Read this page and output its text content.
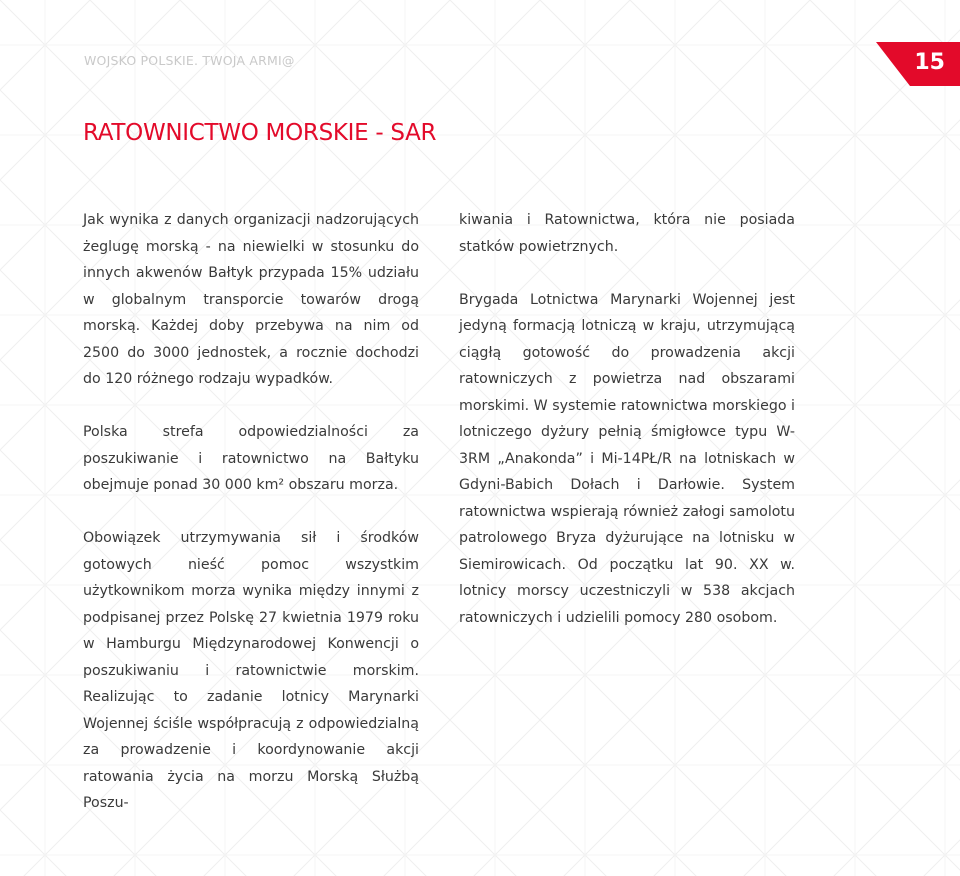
WOJSKO POLSKIE. TWOJA ARMI@	15
RATOWNICTWO MORSKIE - SAR

Jak wynika z danych organizacji nadzorujących żeglugę morską - na niewielki w stosunku do innych akwenów Bałtyk przypada 15% udziału w globalnym transporcie towarów drogą morską. Każdej doby przebywa na nim od 2500 do 3000 jednostek, a rocznie dochodzi do 120 różnego rodzaju wypadków.

Polska strefa odpowiedzialności za poszukiwanie i ratownictwo na Bałtyku obejmuje ponad 30 000 km² obszaru morza.

Obowiązek utrzymywania sił i środków gotowych nieść pomoc wszystkim użytkownikom morza wynika między innymi z podpisanej przez Polskę 27 kwietnia 1979 roku w Hamburgu Międzynarodowej Konwencji o poszukiwaniu i ratownictwie morskim. Realizując to zadanie lotnicy Marynarki Wojennej ściśle współpracują z odpowiedzialną za prowadzenie i koordynowanie akcji ratowania życia na morzu Morską Służbą Poszu-

kiwania i Ratownictwa, która nie posiada statków powietrznych.

Brygada Lotnictwa Marynarki Wojennej jest jedyną formacją lotniczą w kraju, utrzymującą ciągłą gotowość do prowadzenia akcji ratowniczych z powietrza nad obszarami morskimi. W systemie ratownictwa morskiego i lotniczego dyżury pełnią śmigłowce typu W-3RM „Anakonda” i Mi-14PŁ/R na lotniskach w Gdyni-Babich Dołach i Darłowie. System ratownictwa wspierają również załogi samolotu patrolowego Bryza dyżurujące na lotnisku w Siemirowicach. Od początku lat 90. XX w. lotnicy morscy uczestniczyli w 538 akcjach ratowniczych i udzielili pomocy 280 osobom.
